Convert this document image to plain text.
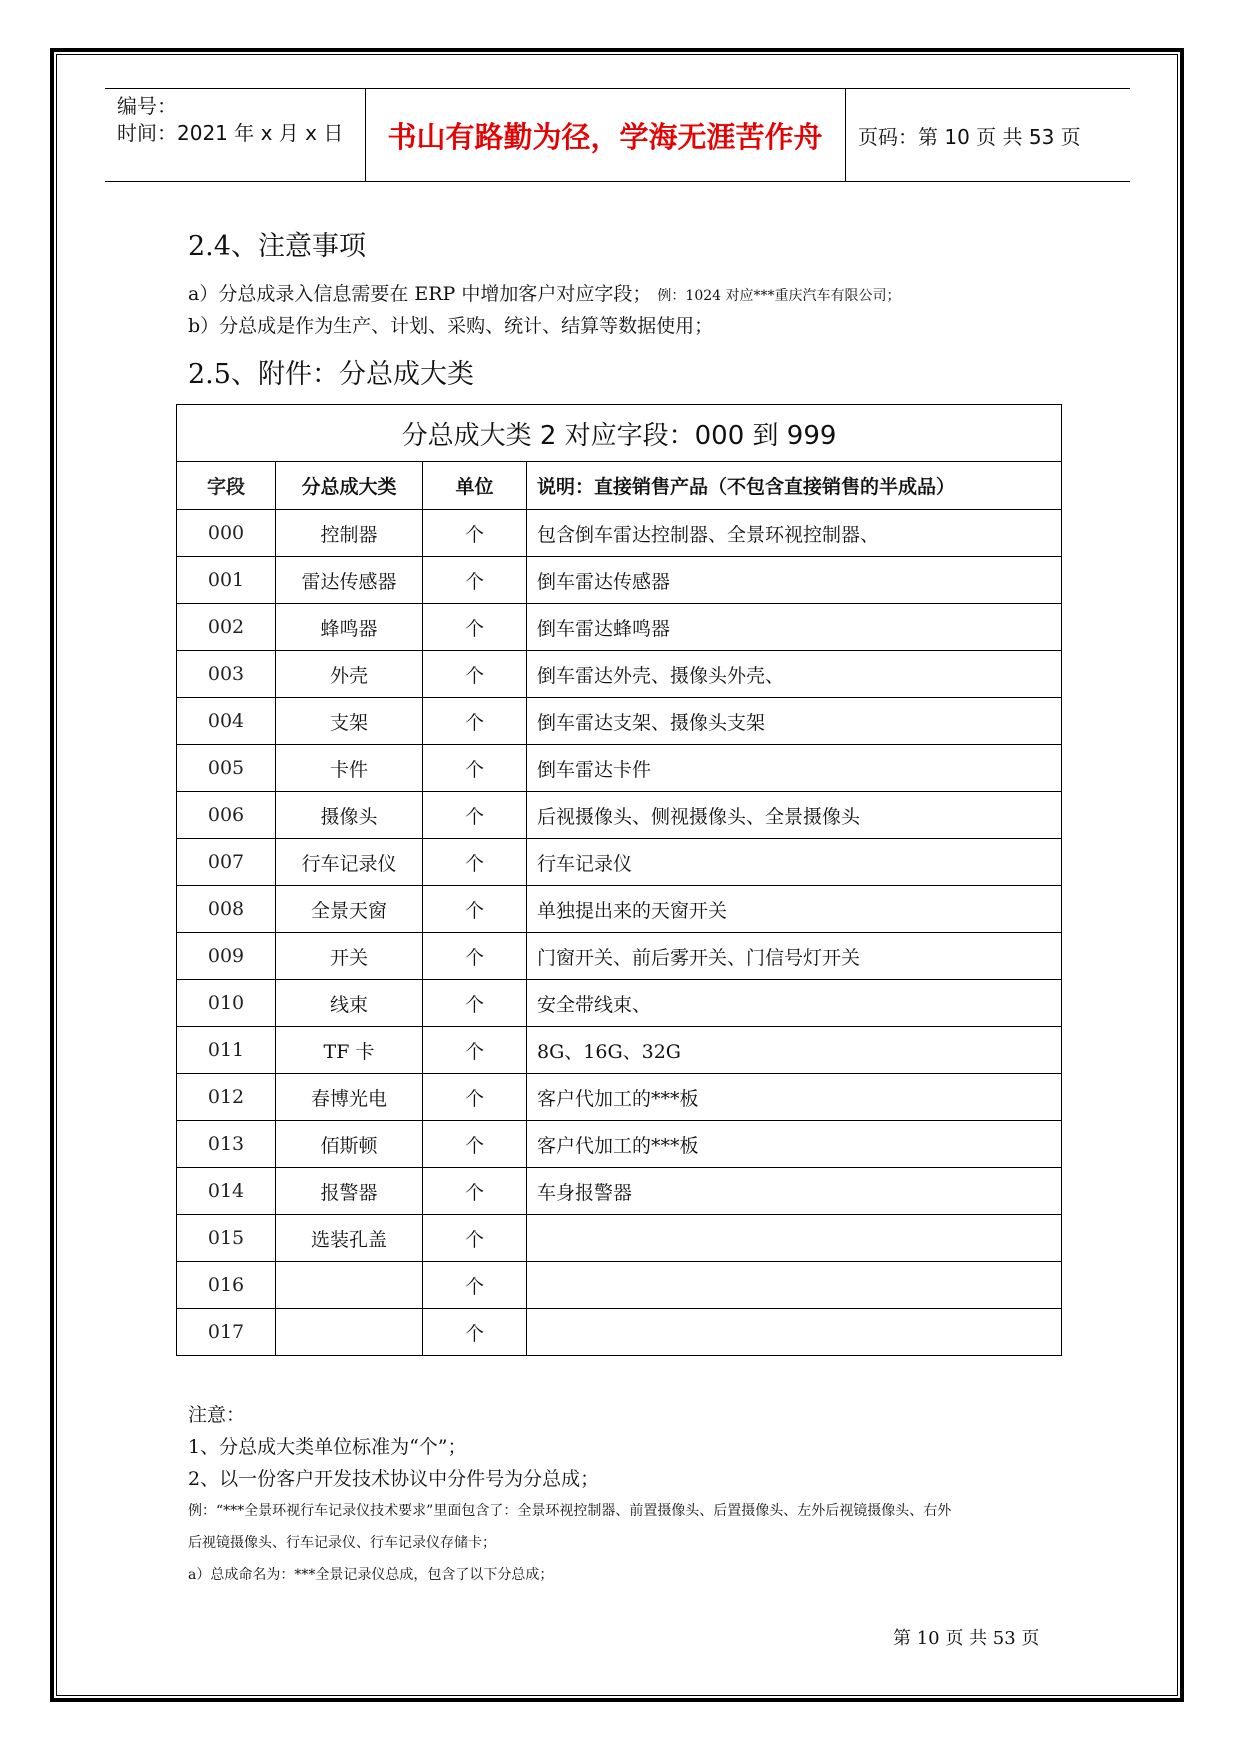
编号：
时间：2021 年 x 月 x 日	书山有路勤为径，学海无涯苦作舟	页码：第 10 页 共 53 页
2.4、注意事项
a）分总成录入信息需要在 ERP 中增加客户对应字段； 例：1024 对应***重庆汽车有限公司；
b）分总成是作为生产、计划、采购、统计、结算等数据使用；
2.5、附件：分总成大类
分总成大类 2 对应字段：000 到 999			
字段	分总成大类	单位	说明：直接销售产品（不包含直接销售的半成品）
000	控制器	个	包含倒车雷达控制器、全景环视控制器、
001	雷达传感器	个	倒车雷达传感器
002	蜂鸣器	个	倒车雷达蜂鸣器
003	外壳	个	倒车雷达外壳、摄像头外壳、
004	支架	个	倒车雷达支架、摄像头支架
005	卡件	个	倒车雷达卡件
006	摄像头	个	后视摄像头、侧视摄像头、全景摄像头
007	行车记录仪	个	行车记录仪
008	全景天窗	个	单独提出来的天窗开关
009	开关	个	门窗开关、前后雾开关、门信号灯开关
010	线束	个	安全带线束、
011	TF 卡	个	8G、16G、32G
012	春博光电	个	客户代加工的***板
013	佰斯顿	个	客户代加工的***板
014	报警器	个	车身报警器
015	选装孔盖	个	
016		个	
017		个	
注意：
1、分总成大类单位标准为“个”；
2、以一份客户开发技术协议中分件号为分总成；
例：“***全景环视行车记录仪技术要求”里面包含了：全景环视控制器、前置摄像头、后置摄像头、左外后视镜摄像头、右外
后视镜摄像头、行车记录仪、行车记录仪存储卡；
a）总成命名为：***全景记录仪总成，包含了以下分总成；
第 10 页 共 53 页
